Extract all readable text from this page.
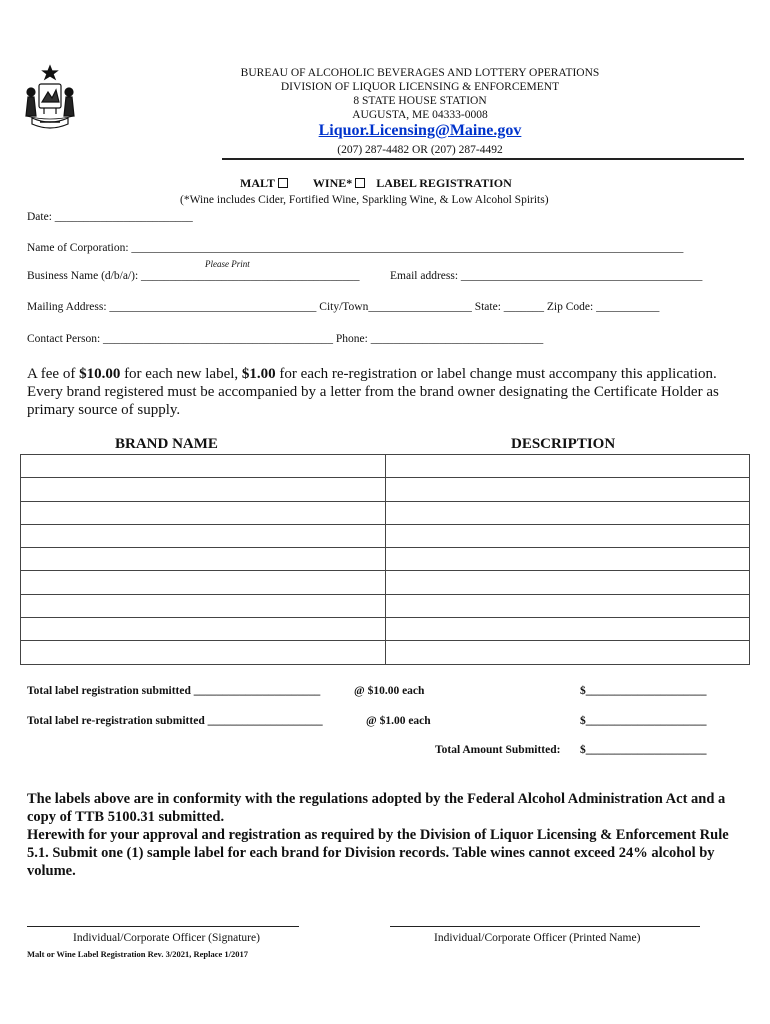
BUREAU OF ALCOHOLIC BEVERAGES AND LOTTERY OPERATIONS
DIVISION OF LIQUOR LICENSING & ENFORCEMENT
8 STATE HOUSE STATION
AUGUSTA, ME 04333-0008
Liquor.Licensing@Maine.gov
(207) 287-4482 OR (207) 287-4492
MALT	WINE* LABEL REGISTRATION
(*Wine includes Cider, Fortified Wine, Sparkling Wine, & Low Alcohol Spirits)
Date: ________________________
Name of Corporation: ________________________________________________________________________________________________
Please Print
Business Name (d/b/a/): ______________________________________	Email address: __________________________________________
Mailing Address: ____________________________________ City/Town__________________ State: _______ Zip Code: ___________
Contact Person: ________________________________________ Phone: ______________________________
A fee of $10.00 for each new label, $1.00 for each re-registration or label change must accompany this application. Every brand registered must be accompanied by a letter from the brand owner designating the Certificate Holder as primary source of supply.
BRAND NAME	DESCRIPTION

Total label registration submitted ______________________	@ $10.00 each	$_____________________
Total label re-registration submitted ____________________	@ $1.00 each	$_____________________
Total Amount Submitted: $_____________________
The labels above are in conformity with the regulations adopted by the Federal Alcohol Administration Act and a copy of TTB 5100.31 submitted.
Herewith for your approval and registration as required by the Division of Liquor Licensing & Enforcement Rule 5.1. Submit one (1) sample label for each brand for Division records. Table wines cannot exceed 24% alcohol by volume.
Individual/Corporate Officer (Signature)	Individual/Corporate Officer (Printed Name)
Malt or Wine Label Registration Rev. 3/2021, Replace 1/2017
